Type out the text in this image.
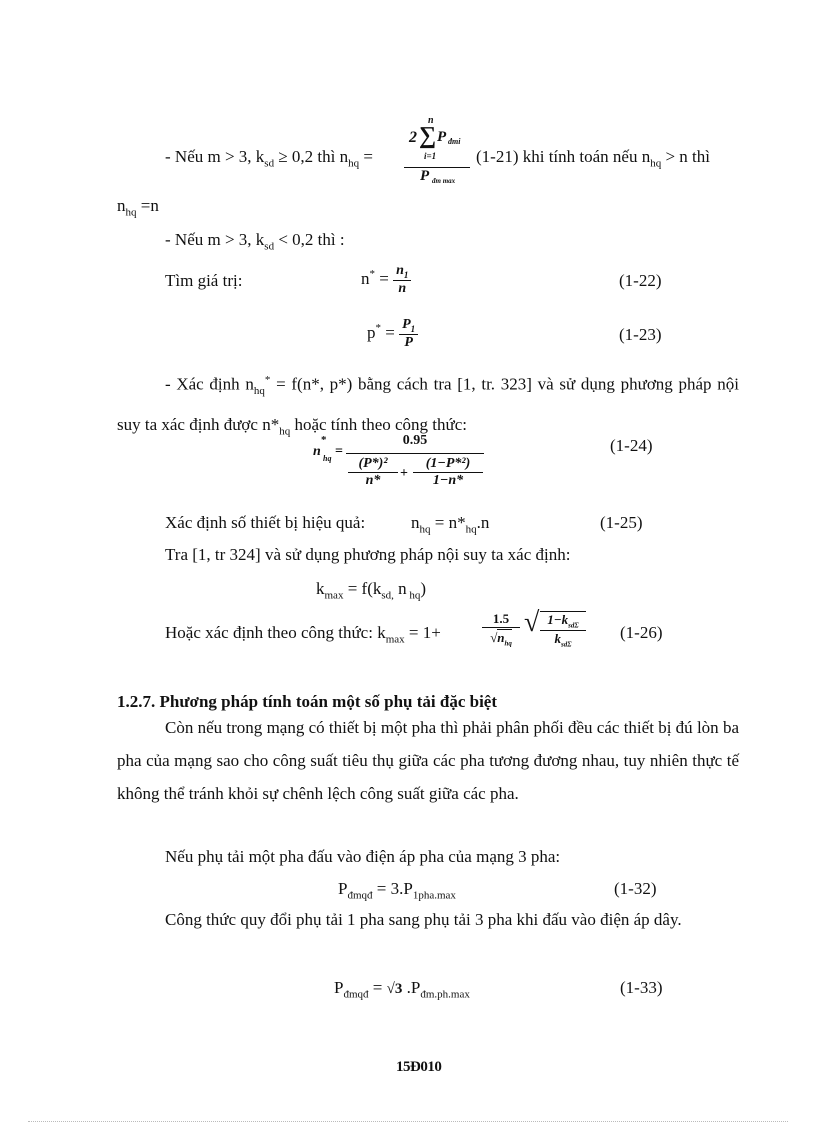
- Nếu m > 3, $k_{sd} \ge 0,2$ thì $n_{hq}$ =
n
2 ∑ P đmi
i=1
P đm max
(1-21) khi tính toán nếu $n_{hq} > n$ thì
$n_{hq} =n$
- Nếu m > 3, $k_{sd} < 0,2$ thì :
Tìm giá trị:	$n^* = \frac{n_1}{n}$	(1-22)
$p^* = \frac{P_1}{P}$	(1-23)
- Xác định $n_{hq}^* = f(n*$, p*) bằng cách tra [1, tr. 323] và sử dụng phương pháp nội suy ta xác định được $n*_{hq}$ hoặc tính theo công thức:
n
*
hq =
0.95
(P*)²
n*	+
(1−P*²)
1−n*
(1-24)
Xác định số thiết bị hiệu quả:	$n_{hq} = n*_{hq}.n$	(1-25)
Tra [1, tr 324] và sử dụng phương pháp nội suy ta xác định:
$k_{max} = f(k_{sd,}$ n $_{hq}$)
Hoặc xác định theo công thức: $k_{max} = 1+$
1.5
$√n_{hq}$
√ $1-k_{sd\Sigma}$
$k_{sd\Sigma}$
(1-26)
1.2.7. Phương pháp tính toán một số phụ tải đặc biệt
Còn nếu trong mạng có thiết bị một pha thì phải phân phối đều các thiết bị đú lòn ba pha của mạng sao cho công suất tiêu thụ giữa các pha tương đương nhau, tuy nhiên thực tế không thể tránh khỏi sự chênh lệch công suất giữa các pha.
Nếu phụ tải một pha đấu vào điện áp pha của mạng 3 pha:
$P_{đmqđ} = 3.P_{1pha.max}$	(1-32)
Công thức quy đổi phụ tải 1 pha sang phụ tải 3 pha khi đấu vào điện áp dây.
$P_{đmqđ} = √3$ $.P_{đm.ph.max}$	(1-33)
15Đ010
